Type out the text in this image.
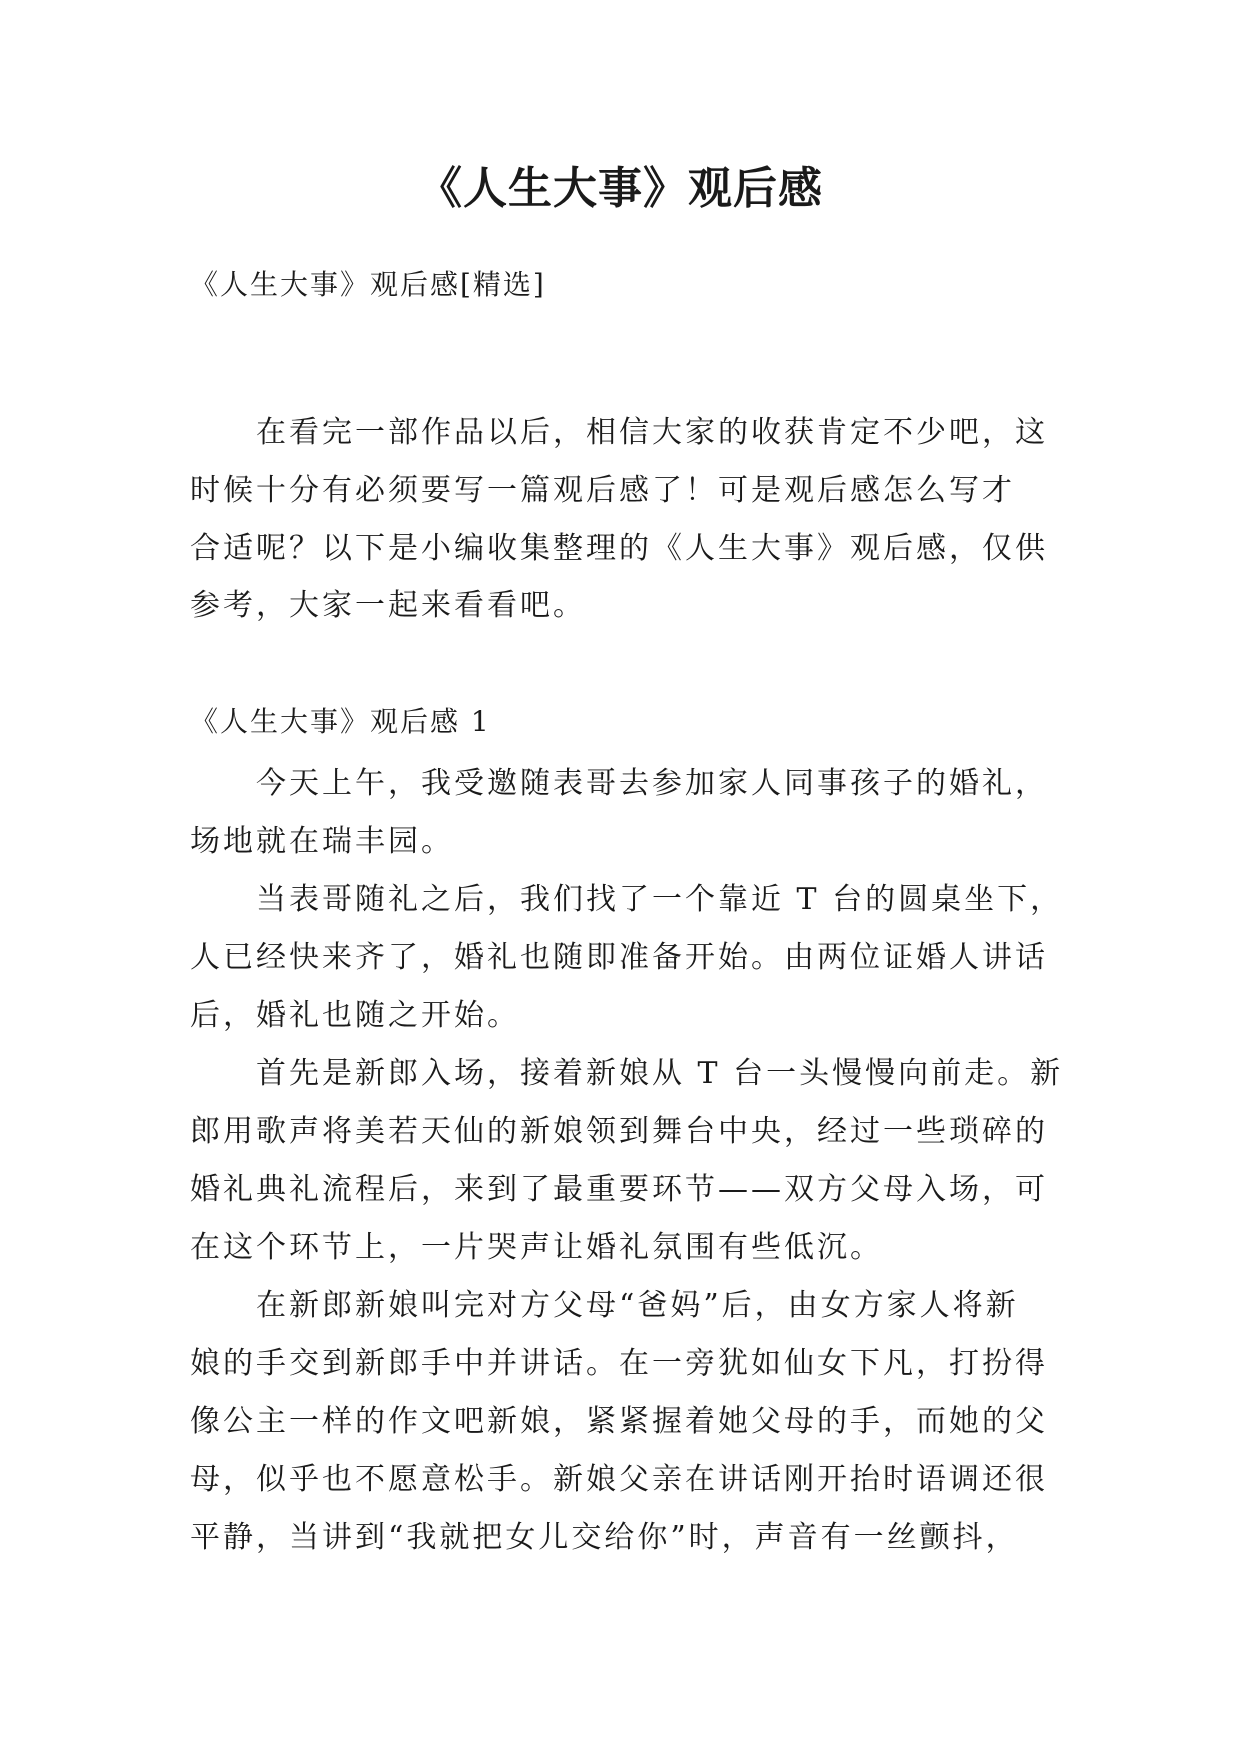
《人生大事》观后感

《人生大事》观后感[精选]

在看完一部作品以后，相信大家的收获肯定不少吧，这

时候十分有必须要写一篇观后感了！可是观后感怎么写才

合适呢？以下是小编收集整理的《人生大事》观后感，仅供

参考，大家一起来看看吧。

《人生大事》观后感 1

今天上午，我受邀随表哥去参加家人同事孩子的婚礼，

场地就在瑞丰园。

当表哥随礼之后，我们找了一个靠近 T 台的圆桌坐下，

人已经快来齐了，婚礼也随即准备开始。由两位证婚人讲话

后，婚礼也随之开始。

首先是新郎入场，接着新娘从 T 台一头慢慢向前走。新

郎用歌声将美若天仙的新娘领到舞台中央，经过一些琐碎的

婚礼典礼流程后，来到了最重要环节——双方父母入场，可

在这个环节上，一片哭声让婚礼氛围有些低沉。

在新郎新娘叫完对方父母“爸妈”后，由女方家人将新

娘的手交到新郎手中并讲话。在一旁犹如仙女下凡，打扮得

像公主一样的作文吧新娘，紧紧握着她父母的手，而她的父

母，似乎也不愿意松手。新娘父亲在讲话刚开抬时语调还很

平静，当讲到“我就把女儿交给你”时，声音有一丝颤抖，
